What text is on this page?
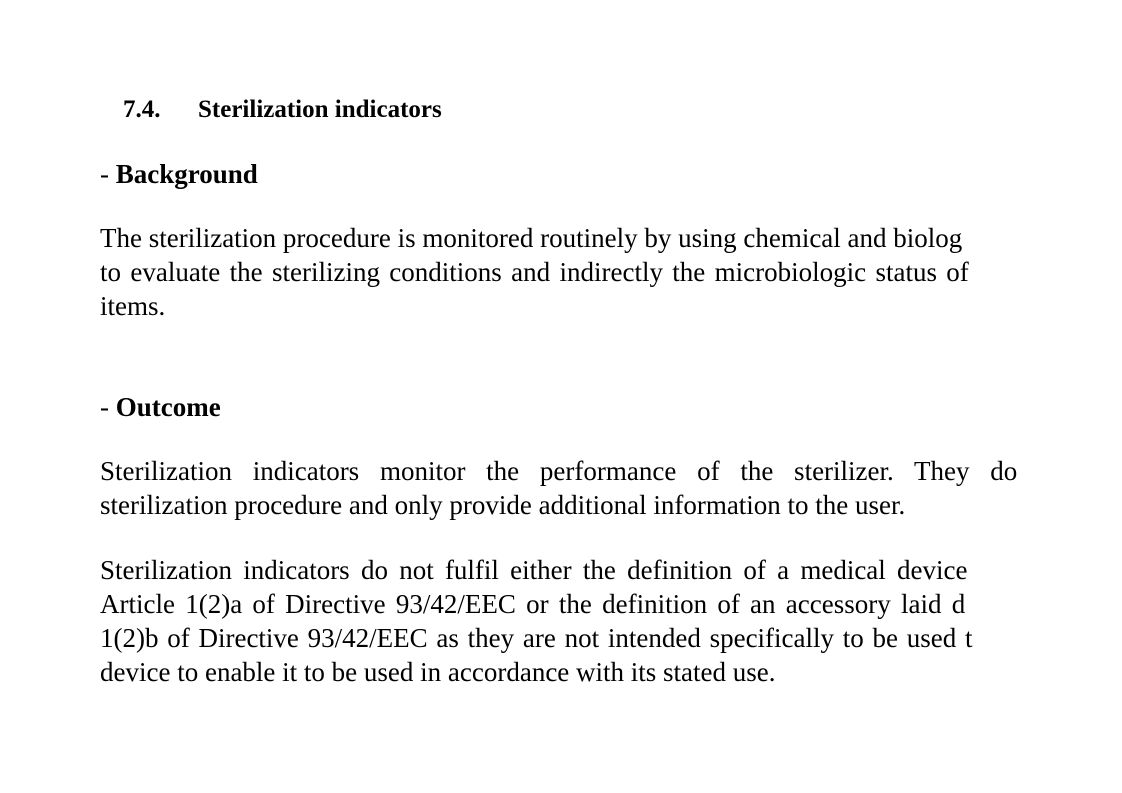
7.4. Sterilization indicators
- Background
The sterilization procedure is monitored routinely by using chemical and biolog
to evaluate the sterilizing conditions and indirectly the microbiologic status of
items.
- Outcome
Sterilization indicators monitor the performance of the sterilizer. They do
sterilization procedure and only provide additional information to the user.
Sterilization indicators do not fulfil either the definition of a medical device
Article 1(2)a of Directive 93/42/EEC or the definition of an accessory laid d
1(2)b of Directive 93/42/EEC as they are not intended specifically to be used t
device to enable it to be used in accordance with its stated use.
